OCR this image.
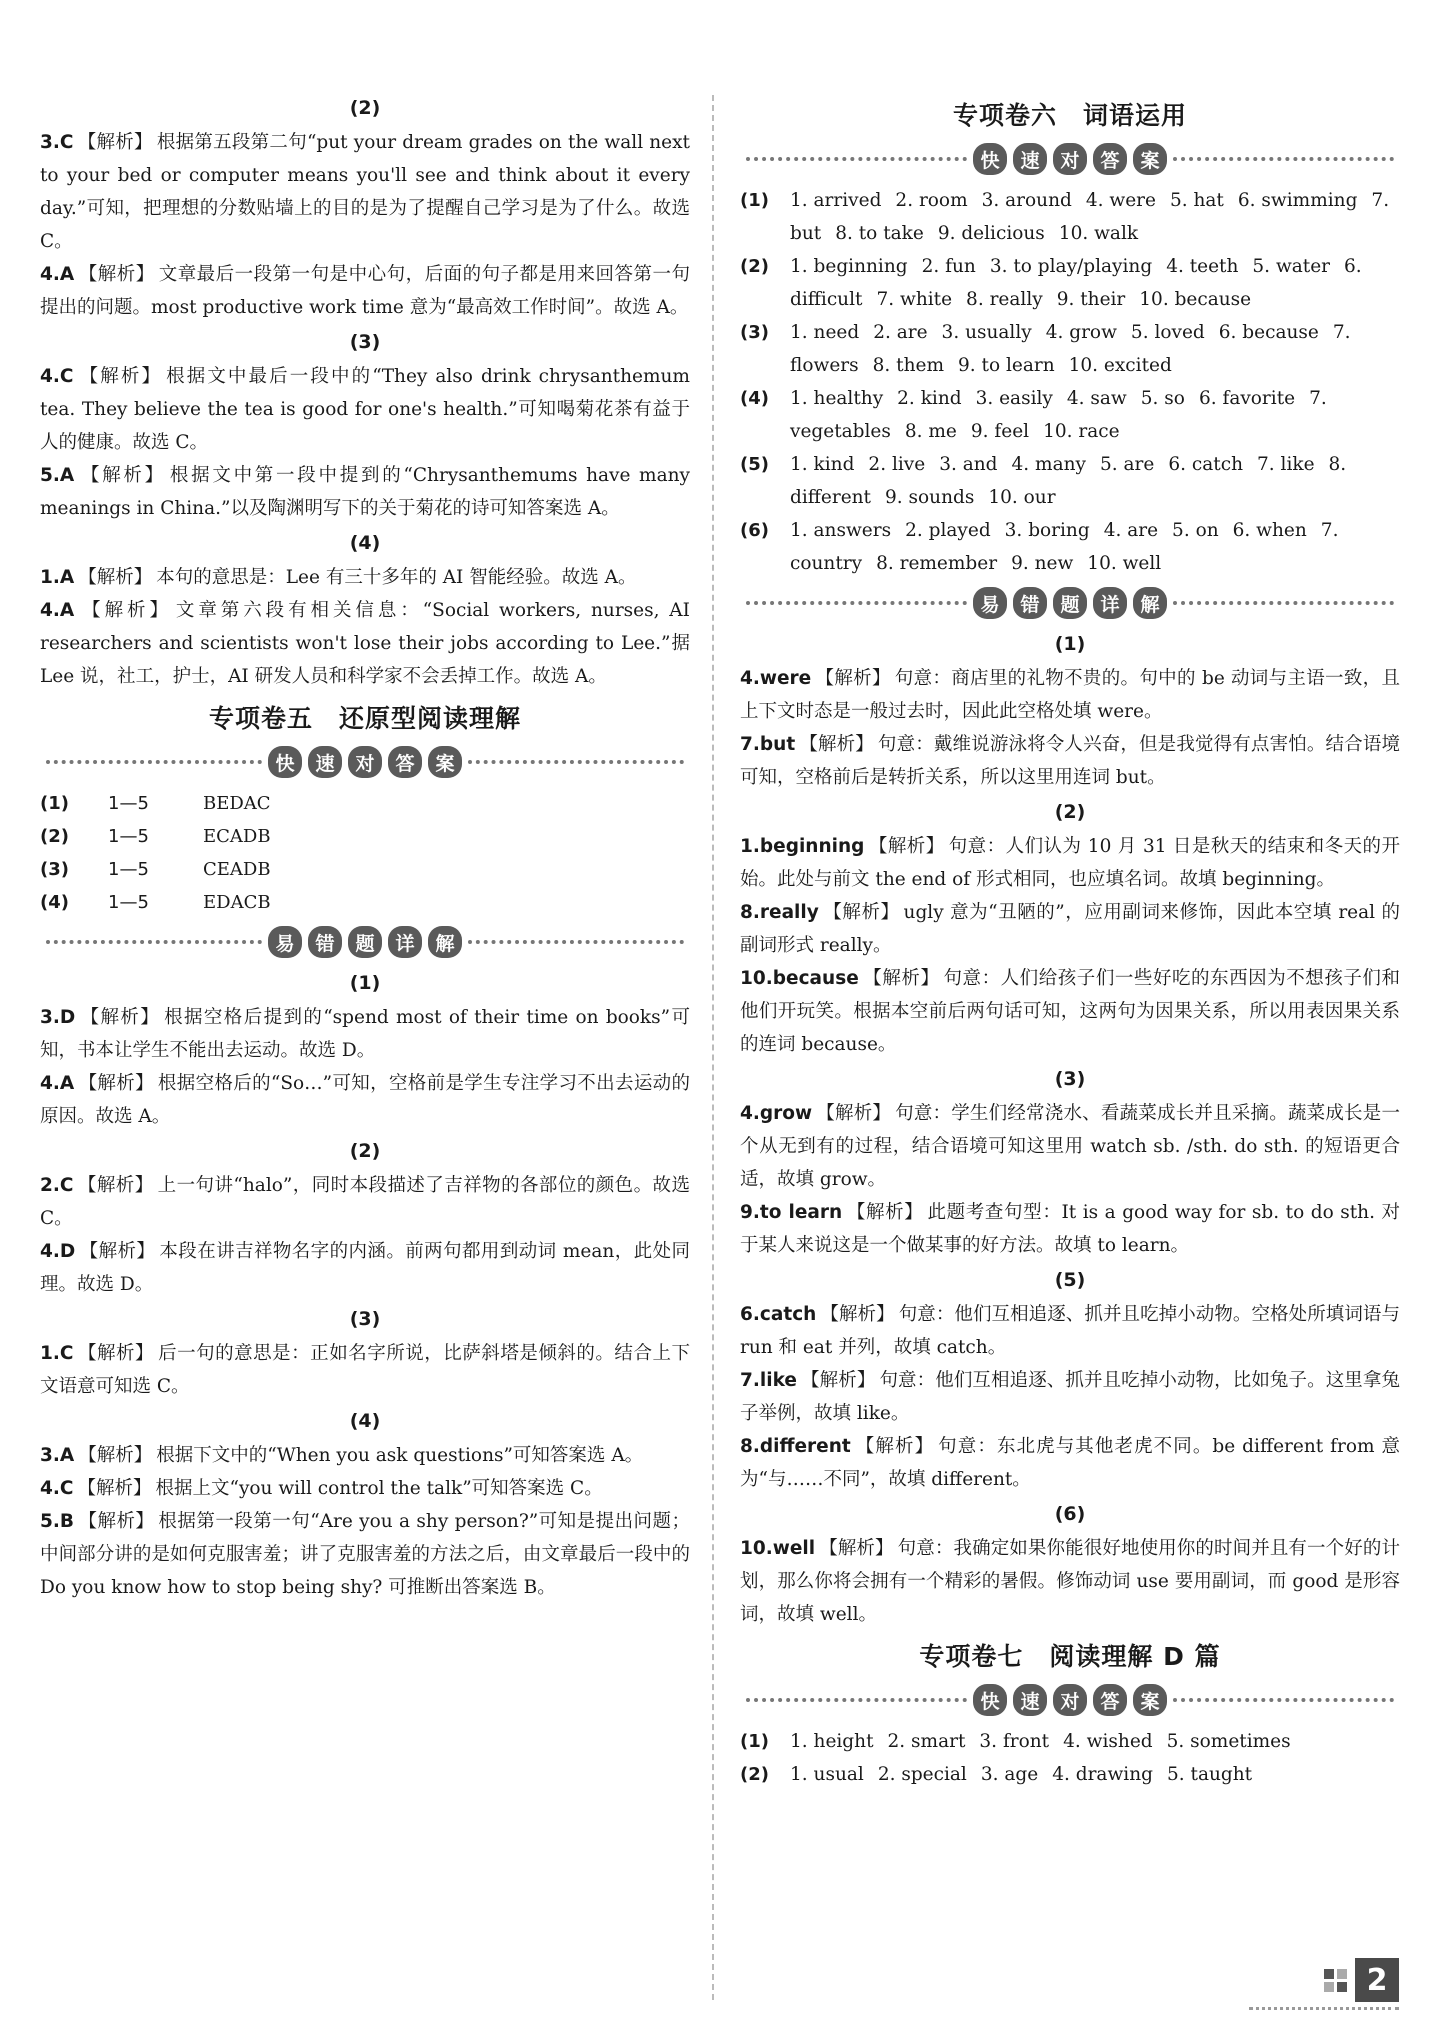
(2)

3.C 【解析】 根据第五段第二句“put your dream grades on the wall next to your bed or computer means you'll see and think about it every day.”可知，把理想的分数贴墙上的目的是为了提醒自己学习是为了什么。故选 C。

4.A 【解析】 文章最后一段第一句是中心句，后面的句子都是用来回答第一句提出的问题。most productive work time 意为“最高效工作时间”。故选 A。

(3)

4.C 【解析】 根据文中最后一段中的“They also drink chrysanthemum tea. They believe the tea is good for one's health.”可知喝菊花茶有益于人的健康。故选 C。

5.A 【解析】 根据文中第一段中提到的“Chrysanthemums have many meanings in China.”以及陶渊明写下的关于菊花的诗可知答案选 A。

(4)

1.A 【解析】 本句的意思是：Lee 有三十多年的 AI 智能经验。故选 A。

4.A 【解析】 文章第六段有相关信息：“Social workers, nurses, AI researchers and scientists won't lose their jobs according to Lee.”据 Lee 说，社工，护士，AI 研发人员和科学家不会丢掉工作。故选 A。

专项卷五　还原型阅读理解
快	速	对	答	案
(1)	1—5	BEDAC
(2)	1—5	ECADB
(3)	1—5	CEADB
(4)	1—5	EDACB
易	错	题	详	解
(1)

3.D 【解析】 根据空格后提到的“spend most of their time on books”可知，书本让学生不能出去运动。故选 D。

4.A 【解析】 根据空格后的“So…”可知，空格前是学生专注学习不出去运动的原因。故选 A。

(2)

2.C 【解析】 上一句讲“halo”，同时本段描述了吉祥物的各部位的颜色。故选 C。

4.D 【解析】 本段在讲吉祥物名字的内涵。前两句都用到动词 mean，此处同理。故选 D。

(3)

1.C 【解析】 后一句的意思是：正如名字所说，比萨斜塔是倾斜的。结合上下文语意可知选 C。

(4)

3.A 【解析】 根据下文中的“When you ask questions”可知答案选 A。

4.C 【解析】 根据上文“you will control the talk”可知答案选 C。

5.B 【解析】 根据第一段第一句“Are you a shy person?”可知是提出问题；中间部分讲的是如何克服害羞；讲了克服害羞的方法之后，由文章最后一段中的 Do you know how to stop being shy? 可推断出答案选 B。

专项卷六　词语运用
快	速	对	答	案
(1)	1. arrived 2. room 3. around 4. were 5. hat 6. swimming 7. but 8. to take 9. delicious 10. walk
(2)	1. beginning 2. fun 3. to play/playing 4. teeth 5. water 6. difficult 7. white 8. really 9. their 10. because
(3)	1. need 2. are 3. usually 4. grow 5. loved 6. because 7. flowers 8. them 9. to learn 10. excited
(4)	1. healthy 2. kind 3. easily 4. saw 5. so 6. favorite 7. vegetables 8. me 9. feel 10. race
(5)	1. kind 2. live 3. and 4. many 5. are 6. catch 7. like 8. different 9. sounds 10. our
(6)	1. answers 2. played 3. boring 4. are 5. on 6. when 7. country 8. remember 9. new 10. well
易	错	题	详	解
(1)

4.were 【解析】 句意：商店里的礼物不贵的。句中的 be 动词与主语一致，且上下文时态是一般过去时，因此此空格处填 were。

7.but 【解析】 句意：戴维说游泳将令人兴奋，但是我觉得有点害怕。结合语境可知，空格前后是转折关系，所以这里用连词 but。

(2)

1.beginning 【解析】 句意：人们认为 10 月 31 日是秋天的结束和冬天的开始。此处与前文 the end of 形式相同，也应填名词。故填 beginning。

8.really 【解析】 ugly 意为“丑陋的”，应用副词来修饰，因此本空填 real 的副词形式 really。

10.because 【解析】 句意：人们给孩子们一些好吃的东西因为不想孩子们和他们开玩笑。根据本空前后两句话可知，这两句为因果关系，所以用表因果关系的连词 because。

(3)

4.grow 【解析】 句意：学生们经常浇水、看蔬菜成长并且采摘。蔬菜成长是一个从无到有的过程，结合语境可知这里用 watch sb. /sth. do sth. 的短语更合适，故填 grow。

9.to learn 【解析】 此题考查句型：It is a good way for sb. to do sth. 对于某人来说这是一个做某事的好方法。故填 to learn。

(5)

6.catch 【解析】 句意：他们互相追逐、抓并且吃掉小动物。空格处所填词语与 run 和 eat 并列，故填 catch。

7.like 【解析】 句意：他们互相追逐、抓并且吃掉小动物，比如兔子。这里拿兔子举例，故填 like。

8.different 【解析】 句意：东北虎与其他老虎不同。be different from 意为“与……不同”，故填 different。

(6)

10.well 【解析】 句意：我确定如果你能很好地使用你的时间并且有一个好的计划，那么你将会拥有一个精彩的暑假。修饰动词 use 要用副词，而 good 是形容词，故填 well。

专项卷七　阅读理解 D 篇
快	速	对	答	案
(1)	1. height 2. smart 3. front 4. wished 5. sometimes
(2)	1. usual 2. special 3. age 4. drawing 5. taught
2
